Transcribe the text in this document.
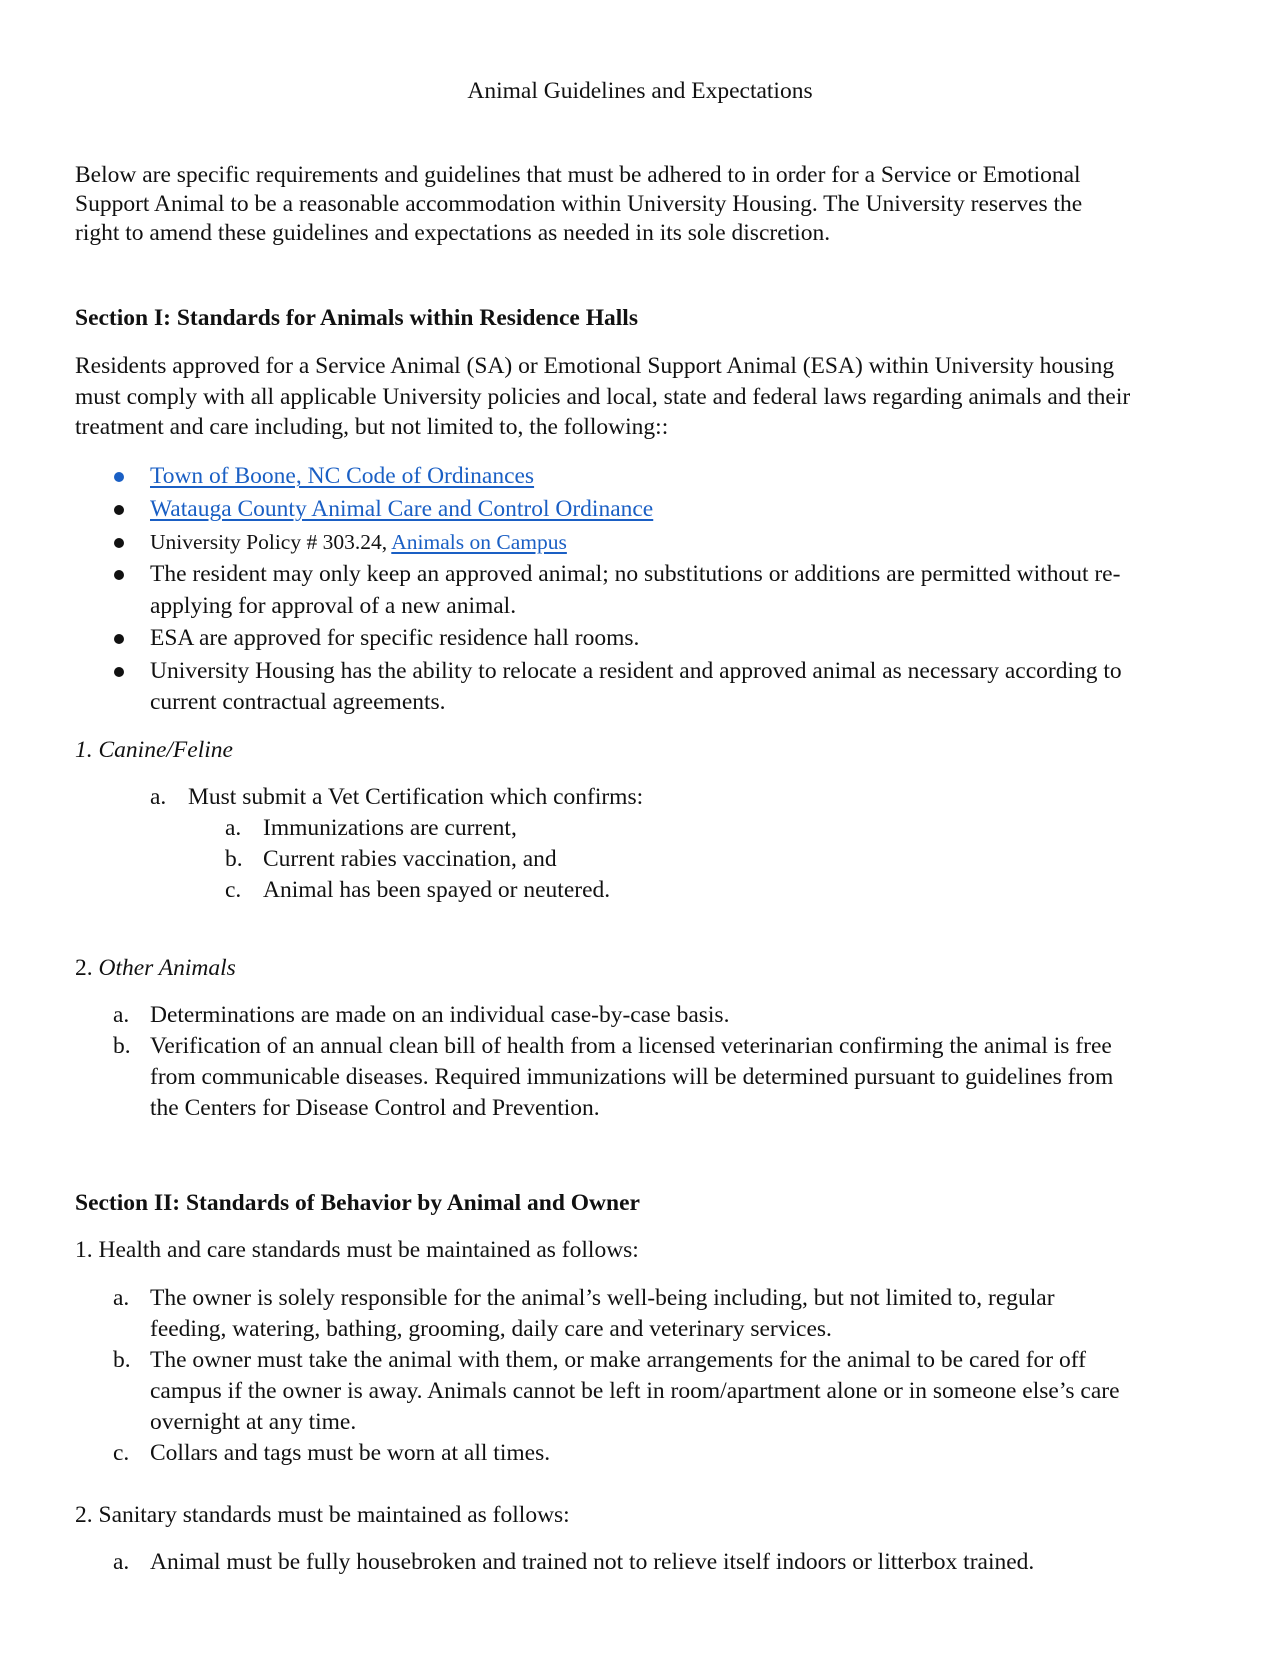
Animal Guidelines and Expectations
Below are specific requirements and guidelines that must be adhered to in order for a Service or Emotional
Support Animal to be a reasonable accommodation within University Housing. The University reserves the
right to amend these guidelines and expectations as needed in its sole discretion.
Section I: Standards for Animals within Residence Halls
Residents approved for a Service Animal (SA) or Emotional Support Animal (ESA) within University housing
must comply with all applicable University policies and local, state and federal laws regarding animals and their
treatment and care including, but not limited to, the following::
Town of Boone, NC Code of Ordinances
Watauga County Animal Care and Control Ordinance
University Policy # 303.24, Animals on Campus
The resident may only keep an approved animal; no substitutions or additions are permitted without re-
applying for approval of a new animal.
ESA are approved for specific residence hall rooms.
University Housing has the ability to relocate a resident and approved animal as necessary according to
current contractual agreements.
1. Canine/Feline
a. Must submit a Vet Certification which confirms:
a. Immunizations are current,
b. Current rabies vaccination, and
c. Animal has been spayed or neutered.
2. Other Animals
a. Determinations are made on an individual case-by-case basis.
b. Verification of an annual clean bill of health from a licensed veterinarian confirming the animal is free
from communicable diseases. Required immunizations will be determined pursuant to guidelines from
the Centers for Disease Control and Prevention.
Section II: Standards of Behavior by Animal and Owner
1. Health and care standards must be maintained as follows:
a. The owner is solely responsible for the animal’s well-being including, but not limited to, regular
feeding, watering, bathing, grooming, daily care and veterinary services.
b. The owner must take the animal with them, or make arrangements for the animal to be cared for off
campus if the owner is away. Animals cannot be left in room/apartment alone or in someone else’s care
overnight at any time.
c. Collars and tags must be worn at all times.
2. Sanitary standards must be maintained as follows:
a. Animal must be fully housebroken and trained not to relieve itself indoors or litterbox trained.
